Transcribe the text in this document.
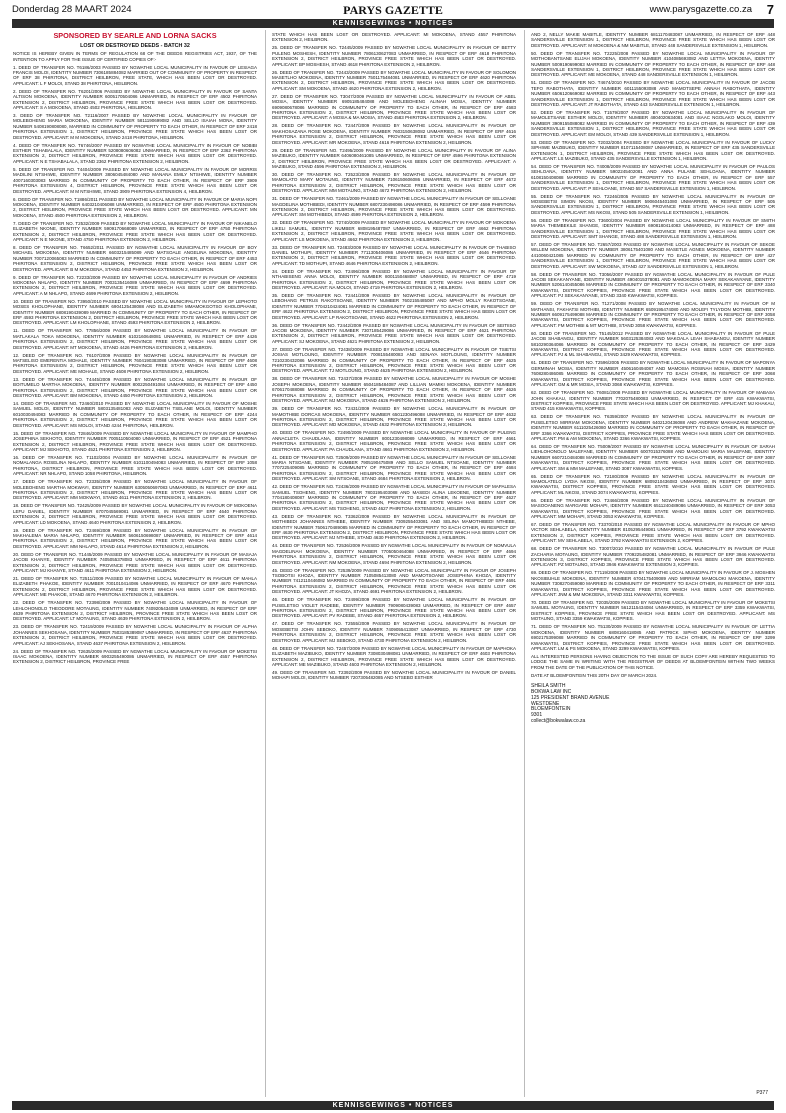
Donderdag 28 MAART 2024	PARYS GAZETTE	www.parysgazette.co.za 7
KENNISGEWINGS • NOTICES

SPONSORED BY SEARLE AND LORNA SACKS

LOST OR DESTROYED DEEDS - BATCH 32

NOTICE IS HEREBY GIVEN IN TERMS OF REGULATION 68 OF THE DEEDS REGISTRIES ACT, 1937, OF THE INTENTION TO APPLY FOR THE ISSUE OF CERTIFIED COPIES OF:-

1. DEED OF TRANSFER NO. T6186/2003 PASSED BY NGWATHE LOCAL MUNICIPALITY IN FAVOUR OF LESIAGA FRANCIS MOLOI, IDENTITY NUMBER 7306185884082 MARRIED OUT OF COMMUNITY OF PROPERTY IN RESPECT OF ERF 38 PHIRITONA, DISTRICT HEILBRON, FREE STATE, WHICH HAS BEEN LOST OR DESTROYED. APPLICANT: L F MOLOI, STAND 38 PHIRITONA, HEILBRON.

2. DEED OF TRANSFER NO. T6201/2006 PASSED BY NGWATHE LOCAL MUNICIPALITY IN FAVOUR OF SANTA ALTISON MOKOENA, IDENTITY NUMBER 6005170504086 UNMARRIED, IN RESPECT OF ERF 4502 PHIRITONA EXTENSION 2, DISTRICT HEILBRON, PROVINCE FREE STATE WHICH HAS BEEN LOST OR DESTROYED. APPLICANT: S A MOKOENA, STAND 4502 PHIRITONA, HEILBRON.

3. DEED OF TRANSFER NO. T2116/2007 PASSED BY NGWATHE LOCAL MUNICIPALITY IN FAVOUR OF MOLEBOHENG MARIA MOKOENA, IDENTITY NUMBER 5811190699082 AND SELLO ISAIAH MONA, IDENTITY NUMBER 5408190808080, MARRIED IN COMMUNITY OF PROPERTY TO EACH OTHER, IN RESPECT OF ERF 2418 PHIRITONA EXTENSION 1, DISTRICT HEILBRON, PROVINCE FREE STATE WHICH HAS BEEN LOST OR DESTROYED. APPLICANT: M M MOKOENA, STAND 2418 PHIRITONA, HEILBRON.

4. DEED OF TRANSFER NO. T6746/2007 PASSED BY NGWATHE LOCAL MUNICIPALITY IN FAVOUR OF NOBIBI ESTHER TSHABALALA, IDENTITY NUMBER 5208080606082 UNMARRIED, IN RESPECT OF ERF 2362 PHIRITONA EXTENSION 2, DISTRICT HEILBRON, PROVINCE FREE STATE WHICH HAS BEEN LOST OR DESTROYED. APPLICANT: N E TSHABALALA, STAND 2362 PHIRITONA EXTENSION 2, HEILBRON.

5. DEED OF TRANSFER NO. T4404/2009 PASSED BY NGWATHE LOCAL MUNICIPALITY IN FAVOUR OF MORRIS MADILINI NTSHIWE, IDENTITY NUMBER 3806045484080 AND MANANA EMILY NTSHIWE, IDENTITY NUMBER 4007160303083 MARRIED IN COMMUNITY OF PROPERTY TO EACH OTHER, IN RESPECT OF ERF 3909 PHIRITONA EXTENSION 4, DISTRICT HEILBRON, PROVINCE FREE STATE WHICH HAS BEEN LOST OR DESTROYED. APPLICANT: M M NTSHIWE, STAND 3909 PHIRITONA EXTENSION 4, HEILBRON.

6. DEED OF TRANSFER NO. T1886/2011 PASSED BY NGWATHE LOCAL MUNICIPALITY IN FAVOUR OF MARIA NOPI MOKOENA, IDENTITY NUMBER 6403210406088 UNMARRIED, IN RESPECT OF ERF 4500 PHIRITONA EXTENSION 2, DISTRICT HEILBRON, PROVINCE FREE STATE WHICH HAS BEEN LOST OR DESTROYED. APPLICANT: MN MOKOENA, STAND 4500 PHIRITONA EXTENSION 2, HEILBRON.

7. DEED OF TRANSFER NO. T2532/2009 PASSED BY NGWATHE LOCAL MUNICIPALITY IN FAVOUR OF NIKANELO ELIZABETH NKONE, IDENTITY NUMBER 5909170668089 UNMARRIED, IN RESPECT OF ERF 4750 PHIRITONA EXTENSION 2, DISTRICT HEILBRON, PROVINCE FREE STATE WHICH HAS BEEN LOST OR DESTROYED. APPLICANT: N E NKONE, STAND 4750 PHIRITONA EXTENSION 2, HEILBRON.

8. DEED OF TRANSFER NO. T6652/2011 PASSED BY NGWATHE LOCAL MUNICIPALITY IN FAVOUR OF BOY MICHAEL MOKOENA, IDENTITY NUMBER 6603215485089 AND MATSOALE ANGELINA MOKOENA, IDENTITY NUMBER 7007120065083 MARRIED IN COMMUNITY OF PROPERTY TO EACH OTHER, IN RESPECT OF ERF 4453 PHIRITONA EXTENSION 2, DISTRICT HEILBRON, PROVINCE FREE STATE WHICH HAS BEEN LOST OR DESTROYED. APPLICANT: B M MOKOENA, STAND 4453 PHIRITONA EXTENSION 2, HEILBRON.

9. DEED OF TRANSFER NO. T2233/2009 PASSED BY NGWATHE LOCAL MUNICIPALITY IN FAVOUR OF ANDRIES MOKOENA NHLAPO, IDENTITY NUMBER 7003135416089 UNMARRIED, IN RESPECT OF ERF 4699 PHIRITONA EXTENSION 2, DISTRICT HEILBRON, PROVINCE FREE STATE WHICH HAS BEEN LOST OR DESTROYED. APPLICANT: A M NHLAPO, STAND 4699 PHIRITONA EXTENSION 2, HEILBRON.

10. DEED OF TRANSFER NO. T3950/2010 PASSED BY NGWATHE LOCAL MUNICIPALITY IN FAVOUR OF LEPHOTO MOSES KHOLOPHANE, IDENTITY NUMBER 6904125438088 AND ELIZABETH MMAMOKGOTSO KHOLOPHANE, IDENTITY NUMBER 6808190439089 MARRIED IN COMMUNITY OF PROPERTY TO EACH OTHER, IN RESPECT OF ERF 4593 PHIRITONA EXTENSION 2, DISTRICT HEILBRON, PROVINCE FREE STATE WHICH HAS BEEN LOST OR DESTROYED. APPLICANT: LM KHOLOPHANE, STAND 4593 PHIRITONA EXTENSION 2, HEILBRON.

11. DEED OF TRANSFER NO. T7856/2009 PASSED BY NGWATHE LOCAL MUNICIPALITY IN FAVOUR OF MATLAKALA TOKA MOKOENA, IDENTITY NUMBER 6102160648081 UNMARRIED, IN RESPECT OF ERF 4426 PHIRITONA EXTENSION 2, DISTRICT HEILBRON, PROVINCE FREE STATE WHICH HAS BEEN LOST OR DESTROYED. APPLICANT: MT MOKOENA, STAND 4426 PHIRITONA EXTENSION 2, HEILBRON.

12. DEED OF TRANSFER NO. T6107/2009 PASSED BY NGWATHE LOCAL MUNICIPALITY IN FAVOUR OF MATSELISO EMERENTIA MOHALE, IDENTITY NUMBER 7604190383088 UNMARRIED, IN RESPECT OF ERF 4608 PHIRITONA EXTENSION 2, DISTRICT HEILBRON, PROVINCE FREE STATE WHICH HAS BEEN LOST OR DESTROYED. APPLICANT: ME MOHALE, STAND 4608 PHIRITONA EXTENSION 2, HEILBRON.

13. DEED OF TRANSFER NO. T4445/2009 PASSED BY NGWATHE LOCAL MUNICIPALITY IN FAVOUR OF BOITUMELO MARTHA MOKOENA, IDENTITY NUMBER 8002250491084 UNMARRIED, IN RESPECT OF ERF 4450 PHIRITONA EXTENSION 2, DISTRICT HEILBRON, PROVINCE FREE STATE WHICH HAS BEEN LOST OR DESTROYED. APPLICANT: BM MOKOENA, STAND 4450 PHIRITONA EXTENSION 2, HEILBRON.

14. DEED OF TRANSFER NO. T2460/2010 PASSED BY NGWATHE LOCAL MUNICIPALITY IN FAVOUR OF MOSHE SAMUEL MOLOI, IDENTITY NUMBER 5803135481083 AND ELIZABETH TSELANE MOLOI, IDENTITY NUMBER 6010030494083 MARRIED IN COMMUNITY OF PROPERTY TO EACH OTHER, IN RESPECT OF ERF 4244 PHIRITONA EXTENSION 2, DISTRICT HEILBRON, PROVINCE FREE STATE WHICH HAS BEEN LOST OR DESTROYED. APPLICANT: MS MOLOI, STAND 4244 PHIRITONA, HEILBRON.

15. DEED OF TRANSFER NO. T2846/2009 PASSED BY NGWATHE LOCAL MUNICIPALITY IN FAVOUR OF MAMPHO JOSEPHINA SEKHOTO, IDENTITY NUMBER 7005110504080 UNMARRIED, IN RESPECT OF ERF 4521 PHIRITONA EXTENSION 2, DISTRICT HEILBRON, PROVINCE FREE STATE WHICH HAS BEEN LOST OR DESTROYED. APPLICANT: MJ SEKHOTO, STAND 4521 PHIRITONA EXTENSION 2, HEILBRON.

16. DEED OF TRANSFER NO. T1102/2004 PASSED BY NGWATHE LOCAL MUNICIPALITY IN FAVOUR OF NOMALANGA ROSELINA NHLAPO, IDENTITY NUMBER 6101100494083 UNMARRIED, IN RESPECT OF ERF 1058 PHIRITONA, DISTRICT HEILBRON, PROVINCE FREE STATE WHICH HAS BEEN LOST OR DESTROYED. APPLICANT: NR NHLAPO, STAND 1058 PHIRITONA, HEILBRON.

17. DEED OF TRANSFER NO. T2335/2009 PASSED BY NGWATHE LOCAL MUNICIPALITY IN FAVOUR OF MOLEBOHENG MARTHA MOKWAYI, IDENTITY NUMBER 6305050697083 UNMARRIED, IN RESPECT OF ERF 4611 PHIRITONA EXTENSION 2, DISTRICT HEILBRON, PROVINCE FREE STATE WHICH HAS BEEN LOST OR DESTROYED. APPLICANT: MM MOKWAYI, STAND 4611 PHIRITONA EXTENSION 2, HEILBRON.

18. DEED OF TRANSFER NO. T2425/2009 PASSED BY NGWATHE LOCAL MUNICIPALITY IN FAVOUR OF MOKOENA LEFU DANIEL, IDENTITY NUMBER 6707045569081 UNMARRIED, IN RESPECT OF ERF 4640 PHIRITONA EXTENSION 2, DISTRICT HEILBRON, PROVINCE FREE STATE WHICH HAS BEEN LOST OR DESTROYED. APPLICANT: LD MOKOENA, STAND 4640 PHIRITONA EXTENSION 2, HEILBRON.

19. DEED OF TRANSFER NO. T2469/2009 PASSED BY NGWATHE LOCAL MUNICIPALITY IN FAVOUR OF MAKHALEMA MARIA NHLAPO, IDENTITY NUMBER 5606150698087 UNMARRIED, IN RESPECT OF ERF 4614 PHIRITONA EXTENSION 2, DISTRICT HEILBRON, PROVINCE FREE STATE WHICH HAS BEEN LOST OR DESTROYED. APPLICANT: MM NHLAPO, STAND 4614 PHIRITONA EXTENSION 2, HEILBRON.

20. DEED OF TRANSFER NO. T1445/2009 PASSED BY NGWATHE LOCAL MUNICIPALITY IN FAVOUR OF MASAJA JACOB KHANYE, IDENTITY NUMBER 7405055378083 UNMARRIED, IN RESPECT OF ERF 4611 PHIRITONA EXTENSION 2, DISTRICT HEILBRON, PROVINCE FREE STATE WHICH HAS BEEN LOST OR DESTROYED. APPLICANT: MJ KHANYE, STAND 4611 PHIRITONA EXTENSION 2, HEILBRON.

21. DEED OF TRANSFER NO. T2511/2009 PASSED BY NGWATHE LOCAL MUNICIPALITY IN FAVOUR OF MAHLA ELIZABETH PHAKOE, IDENTITY NUMBER 7001010414086 UNMARRIED, IN RESPECT OF ERF 4670 PHIRITONA EXTENSION 2, DISTRICT HEILBRON, PROVINCE FREE STATE WHICH HAS BEEN LOST OR DESTROYED. APPLICANT: ME PHAKOE, STAND 4670 PHIRITONA EXTENSION 2, HEILBRON.

22. DEED OF TRANSFER NO. T2398/2009 PASSED BY NGWATHE LOCAL MUNICIPALITY IN FAVOUR OF LEHLOHONOLO THEODORE MOTAUNG, IDENTITY NUMBER 7409205434089 UNMARRIED, IN RESPECT OF ERF 4639 PHIRITONA EXTENSION 2, DISTRICT HEILBRON, PROVINCE FREE STATE WHICH HAS BEEN LOST OR DESTROYED. APPLICANT: LT MOTAUNG, STAND 4639 PHIRITONA EXTENSION 2, HEILBRON.

23. DEED OF TRANSFER NO. T2419/2009 PASSED BY NGWATHE LOCAL MUNICIPALITY IN FAVOUR OF ALPHA JOHANNES SEKHOSANA, IDENTITY NUMBER 7503185389087 UNMARRIED, IN RESPECT OF ERF 4637 PHIRITONA EXTENSION 2, DISTRICT HEILBRON, PROVINCE FREE STATE WHICH HAS BEEN LOST OR DESTROYED. APPLICANT: AJ SEKHOSANA, STAND 4637 PHIRITONA EXTENSION 2, HEILBRON.

24. DEED OF TRANSFER NO. T2635/2009 PASSED BY NGWATHE LOCAL MUNICIPALITY IN FAVOUR OF MOKETSI ISAAC MOKOENA, IDENTITY NUMBER 6903255490086 UNMARRIED, IN RESPECT OF ERF 4557 PHIRITONA EXTENSION 2, DISTRICT HEILBRON, PROVINCE FREE

STATE WHICH HAS BEEN LOST OR DESTROYED. APPLICANT: MI MOKOENA, STAND 4557 PHIRITONA EXTENSION 2, HEILBRON.

25. DEED OF TRANSFER NO. T2445/2009 PASSED BY NGWATHE LOCAL MUNICIPALITY IN FAVOUR OF BETTY PULENG MOSHESH, IDENTITY NUMBER 7806130627083 UNMARRIED, IN RESPECT OF ERF 4618 PHIRITONA EXTENSION 2, DISTRICT HEILBRON, PROVINCE FREE STATE WHICH HAS BEEN LOST OR DESTROYED. APPLICANT: BP MOSHESH, STAND 4618 PHIRITONA EXTENSION 2, HEILBRON.

26. DEED OF TRANSFER NO. T2443/2009 PASSED BY NGWATHE LOCAL MUNICIPALITY IN FAVOUR OF SOLOMON MASETLHO MOKOENA, IDENTITY NUMBER 7501175484081 UNMARRIED, IN RESPECT OF ERF 4620 PHIRITONA EXTENSION 2, DISTRICT HEILBRON, PROVINCE FREE STATE WHICH HAS BEEN LOST OR DESTROYED. APPLICANT: SM MOKOENA, STAND 4620 PHIRITONA EXTENSION 2, HEILBRON.

27. DEED OF TRANSFER NO. T3047/2009 PASSED BY NGWATHE LOCAL MUNICIPALITY IN FAVOUR OF ABEL MOSIA, IDENTITY NUMBER 6905185484088 AND MOLEBOHENG ALINAH MOSIA, IDENTITY NUMBER 6909080678086 MARRIED IN COMMUNITY OF PROPERTY TO EACH OTHER, IN RESPECT OF ERF 4583 PHIRITONA EXTENSION 2, DISTRICT HEILBRON, PROVINCE FREE STATE WHICH HAS BEEN LOST OR DESTROYED. APPLICANT: A MOSIA & MA MOSIA, STAND 4583 PHIRITONA EXTENSION 2, HEILBRON.

28. DEED OF TRANSFER NO. T2447/2009 PASSED BY NGWATHE LOCAL MUNICIPALITY IN FAVOUR OF MAKHOSAZANA ROSE MOKOENA, IDENTITY NUMBER 7603150638082 UNMARRIED, IN RESPECT OF ERF 4616 PHIRITONA EXTENSION 2, DISTRICT HEILBRON, PROVINCE FREE STATE WHICH HAS BEEN LOST OR DESTROYED. APPLICANT: MR MOKOENA, STAND 4616 PHIRITONA EXTENSION 2, HEILBRON.

29. DEED OF TRANSFER NO. T2495/2009 PASSED BY NGWATHE LOCAL MUNICIPALITY IN FAVOUR OF ALINA MAZIBUKO, IDENTITY NUMBER 6406080461085 UNMARRIED, IN RESPECT OF ERF 4596 PHIRITONA EXTENSION 2, DISTRICT HEILBRON, PROVINCE FREE STATE WHICH HAS BEEN LOST OR DESTROYED. APPLICANT: A MAZIBUKO, STAND 4596 PHIRITONA EXTENSION 2, HEILBRON.

30. DEED OF TRANSFER NO. T2523/2009 PASSED BY NGWATHE LOCAL MUNICIPALITY IN FAVOUR OF MAMOLATO MARY MOTAUNG, IDENTITY NUMBER 7106150606086 UNMARRIED, IN RESPECT OF ERF 4672 PHIRITONA EXTENSION 2, DISTRICT HEILBRON, PROVINCE FREE STATE WHICH HAS BEEN LOST OR DESTROYED. APPLICANT: MM MOTAUNG, STAND 4672 PHIRITONA EXTENSION 2, HEILBRON.

31. DEED OF TRANSFER NO. T2461/2009 PASSED BY NGWATHE LOCAL MUNICIPALITY IN FAVOUR OF SELLOANE MAGDELINA MOTHIBEDI, IDENTITY NUMBER 6807230498086 UNMARRIED, IN RESPECT OF ERF 4599 PHIRITONA EXTENSION 2, DISTRICT HEILBRON, PROVINCE FREE STATE WHICH HAS BEEN LOST OR DESTROYED. APPLICANT: SM MOTHIBEDI, STAND 4599 PHIRITONA EXTENSION 2, HEILBRON.

32. DEED OF TRANSFER NO. T2740/2009 PASSED BY NGWATHE LOCAL MUNICIPALITY IN FAVOUR OF MOKOENA LIKELI SAMUEL, IDENTITY NUMBER 6808195487087 UNMARRIED, IN RESPECT OF ERF 4662 PHIRITONA EXTENSION 2, DISTRICT HEILBRON, PROVINCE FREE STATE WHICH HAS BEEN LOST OR DESTROYED. APPLICANT: LS MOKOENA, STAND 4662 PHIRITONA EXTENSION 2, HEILBRON.

33. DEED OF TRANSFER NO. T2483/2009 PASSED BY NGWATHE LOCAL MUNICIPALITY IN FAVOUR OF THABISO DANIEL MOTHUPI, IDENTITY NUMBER 7711305406086 UNMARRIED, IN RESPECT OF ERF 4646 PHIRITONA EXTENSION 2, DISTRICT HEILBRON, PROVINCE FREE STATE WHICH HAS BEEN LOST OR DESTROYED. APPLICANT: TD MOTHUPI, STAND 4646 PHIRITONA EXTENSION 2, HEILBRON.

34. DEED OF TRANSFER NO. T2496/2009 PASSED BY NGWATHE LOCAL MUNICIPALITY IN FAVOUR OF NTHABISENG ANNA MOLOI, IDENTITY NUMBER 8001150468087 UNMARRIED, IN RESPECT OF ERF 4719 PHIRITONA EXTENSION 2, DISTRICT HEILBRON, PROVINCE FREE STATE WHICH HAS BEEN LOST OR DESTROYED. APPLICANT: NA MOLOI, STAND 4719 PHIRITONA EXTENSION 2, HEILBRON.

35. DEED OF TRANSFER NO. T2441/2009 PASSED BY NGWATHE LOCAL MUNICIPALITY IN FAVOUR OF LEBOHANG PETRUS RAKOTSOANE, IDENTITY NUMBER 7602155485087 AND MPHO MOLLY RAKOTSOANE, IDENTITY NUMBER 7704210424081 MARRIED IN COMMUNITY OF PROPERTY TO EACH OTHER, IN RESPECT OF ERF 4622 PHIRITONA EXTENSION 2, DISTRICT HEILBRON, PROVINCE FREE STATE WHICH HAS BEEN LOST OR DESTROYED. APPLICANT: LP RAKOTSOANE, STAND 4622 PHIRITONA EXTENSION 2, HEILBRON.

36. DEED OF TRANSFER NO. T2442/2009 PASSED BY NGWATHE LOCAL MUNICIPALITY IN FAVOUR OF SEITIISO JACOB MOKOENA, IDENTITY NUMBER 7307185429086 UNMARRIED, IN RESPECT OF ERF 4621 PHIRITONA EXTENSION 2, DISTRICT HEILBRON, PROVINCE FREE STATE WHICH HAS BEEN LOST OR DESTROYED. APPLICANT: SJ MOKOENA, STAND 4621 PHIRITONA EXTENSION 2, HEILBRON.

37. DEED OF TRANSFER NO. T2438/2009 PASSED BY NGWATHE LOCAL MUNICIPALITY IN FAVOUR OF TSIETSI JOSIAS MOTLOUNG, IDENTITY NUMBER 7008155480083 AND SENAYA MOTLOUNG, IDENTITY NUMBER 7210230432086 MARRIED IN COMMUNITY OF PROPERTY TO EACH OTHER, IN RESPECT OF ERF 4625 PHIRITONA EXTENSION 2, DISTRICT HEILBRON, PROVINCE FREE STATE WHICH HAS BEEN LOST OR DESTROYED. APPLICANT: TJ MOTLOUNG, STAND 4625 PHIRITONA EXTENSION 2, HEILBRON.

38. DEED OF TRANSFER NO. T2437/2009 PASSED BY NGWATHE LOCAL MUNICIPALITY IN FAVOUR OF MOSHE JOSEPH MOKOENA, IDENTITY NUMBER 6504185484087 AND LILLIAN MAMIKI MOKOENA, IDENTITY NUMBER 6706170488088 MARRIED IN COMMUNITY OF PROPERTY TO EACH OTHER, IN RESPECT OF ERF 4626 PHIRITONA EXTENSION 2, DISTRICT HEILBRON, PROVINCE FREE STATE WHICH HAS BEEN LOST OR DESTROYED. APPLICANT: MJ MOKOENA, STAND 4626 PHIRITONA EXTENSION 2, HEILBRON.

39. DEED OF TRANSFER NO. T2431/2009 PASSED BY NGWATHE LOCAL MUNICIPALITY IN FAVOUR OF MAMOTHIBE DORCAS MOKOENA, IDENTITY NUMBER 6501230496088 UNMARRIED, IN RESPECT OF ERF 4632 PHIRITONA EXTENSION 2, DISTRICT HEILBRON, PROVINCE FREE STATE WHICH HAS BEEN LOST OR DESTROYED. APPLICANT: MD MOKOENA, STAND 4632 PHIRITONA EXTENSION 2, HEILBRON.

40. DEED OF TRANSFER NO. T2490/2009 PASSED BY NGWATHE LOCAL MUNICIPALITY IN FAVOUR OF PULENG ANNACLETA CHAUDLANA, IDENTITY NUMBER 8001230498089 UNMARRIED, IN RESPECT OF ERF 4661 PHIRITONA EXTENSION 2, DISTRICT HEILBRON, PROVINCE FREE STATE WHICH HAS BEEN LOST OR DESTROYED. APPLICANT: PA CHAUDLANA, STAND 4661 PHIRITONA EXTENSION 2, HEILBRON.

41. DEED OF TRANSFER NO. T2509/2009 PASSED BY NGWATHE LOCAL MUNICIPALITY IN FAVOUR OF SELLOANE MARIA NTSOANE, IDENTITY NUMBER 7905190475089 AND SELLO SAMUEL NTSOANE, IDENTITY NUMBER 7707225409085 MARRIED IN COMMUNITY OF PROPERTY TO EACH OTHER, IN RESPECT OF ERF 4684 PHIRITONA EXTENSION 2, DISTRICT HEILBRON, PROVINCE FREE STATE WHICH HAS BEEN LOST OR DESTROYED. APPLICANT: SM NTSOANE, STAND 4684 PHIRITONA EXTENSION 2, HEILBRON.

42. DEED OF TRANSFER NO. T2436/2009 PASSED BY NGWATHE LOCAL MUNICIPALITY IN FAVOUR OF MAPALESA SAMUEL TSOHENG, IDENTITY NUMBER 7803195403088 AND MASEDI ALINA LEKOENE, IDENTITY NUMBER 7704180408087 MARRIED IN COMMUNITY OF PROPERTY TO EACH OTHER, IN RESPECT OF ERF 4627 PHIRITONA EXTENSION 2, DISTRICT HEILBRON, PROVINCE FREE STATE WHICH HAS BEEN LOST OR DESTROYED. APPLICANT: MS TSOHENG, STAND 4627 PHIRITONA EXTENSION 2, HEILBRON.

43. DEED OF TRANSFER NO. T3362/2009 PASSED BY NGWATHE LOCAL MUNICIPALITY IN FAVOUR OF MOTHIBEDI JOHANNES NTHEBE, IDENTITY NUMBER 7309255403081 AND SELINA MAMOTHIBEDI NTHEBE, IDENTITY NUMBER 7506170489085 MARRIED IN COMMUNITY OF PROPERTY TO EACH OTHER, IN RESPECT OF ERF 4630 PHIRITONA EXTENSION 2, DISTRICT HEILBRON, PROVINCE FREE STATE WHICH HAS BEEN LOST OR DESTROYED. APPLICANT: MJ NTHEBE, STAND 4630 PHIRITONA EXTENSION 2, HEILBRON.

44. DEED OF TRANSFER NO. T2536/2009 PASSED BY NGWATHE LOCAL MUNICIPALITY IN FAVOUR OF NOMVULA MAGDELINAH MOKOENA, IDENTITY NUMBER 7705050464088 UNMARRIED, IN RESPECT OF ERF 4694 PHIRITONA EXTENSION 2, DISTRICT HEILBRON, PROVINCE FREE STATE WHICH HAS BEEN LOST OR DESTROYED. APPLICANT: NM MOKOENA, STAND 4694 PHIRITONA EXTENSION 2, HEILBRON.

45. DEED OF TRANSFER NO. T2539/2009 PASSED BY NGWATHE LOCAL MUNICIPALITY IN FAVOUR OF JOSEPH TSOBOTSI KHOZA, IDENTITY NUMBER 7105085413080 AND MAMOTSOANE JOSEPHINA KHOZA, IDENTITY NUMBER 7412110446082 MARRIED IN COMMUNITY OF PROPERTY TO EACH OTHER, IN RESPECT OF ERF 4691 PHIRITONA EXTENSION 2, DISTRICT HEILBRON, PROVINCE FREE STATE WHICH HAS BEEN LOST OR DESTROYED. APPLICANT: JT KHOZA, STAND 4691 PHIRITONA EXTENSION 2, HEILBRON.

46. DEED OF TRANSFER NO. T2499/2009 PASSED BY NGWATHE LOCAL MUNICIPALITY IN FAVOUR OF PUSELETSO VIOLET RADEBE, IDENTITY NUMBER 7909080439083 UNMARRIED, IN RESPECT OF ERF 4657 PHIRITONA EXTENSION 2, DISTRICT HEILBRON, PROVINCE FREE STATE WHICH HAS BEEN LOST OR DESTROYED. APPLICANT: PV RADEBE, STAND 4657 PHIRITONA EXTENSION 2, HEILBRON.

47. DEED OF TRANSFER NO. T2555/2009 PASSED BY NGWATHE LOCAL MUNICIPALITY IN FAVOUR OF MOSEBETSI JOHN SEBOKO, IDENTITY NUMBER 7409055413087 UNMARRIED, IN RESPECT OF ERF 4730 PHIRITONA EXTENSION 2, DISTRICT HEILBRON, PROVINCE FREE STATE WHICH HAS BEEN LOST OR DESTROYED. APPLICANT: MJ SEBOKO, STAND 4730 PHIRITONA EXTENSION 2, HEILBRON.

48. DEED OF TRANSFER NO. T2457/2009 PASSED BY NGWATHE LOCAL MUNICIPALITY IN FAVOUR OF MAPHOKA ELIZABETH MAZIBUKO, IDENTITY NUMBER 7308030498081 UNMARRIED, IN RESPECT OF ERF 4603 PHIRITONA EXTENSION 2, DISTRICT HEILBRON, PROVINCE FREE STATE WHICH HAS BEEN LOST OR DESTROYED. APPLICANT: ME MAZIBUKO, STAND 4603 PHIRITONA EXTENSION 2, HEILBRON.

49. DEED OF TRANSFER NO. T2392/2009 PASSED BY NGWATHE LOCAL MUNICIPALITY IN FAVOUR OF DANIEL MOHAPI MOLOI, IDENTITY NUMBER 7207305482085 AND NTSEBO ESTHER

AND 2, NELLY MAKIE MABITLE, IDENTITY NUMBER 6811170483087 UNMARRIED, IN RESPECT OF ERF 448 SANDERSVILLE EXTENSION 1, DISTRICT HEILBRON, PROVINCE FREE STATE WHICH HAS BEEN LOST OR DESTROYED. APPLICANT: M MOKOENA & NM MABITLE, STAND 448 SANDERSVILLE EXTENSION 1, HEILBRON.

50. DEED OF TRANSFER NO. T2225/2008 PASSED BY NGWATHE LOCAL MUNICIPALITY IN FAVOUR OF MOTHOBANTSANE ELIJAH MOKOENA, IDENTITY NUMBER 4104085693082 AND LETTIA MOKOENA, IDENTITY NUMBER 5009190699083 MARRIED IN COMMUNITY OF PROPERTY TO EACH OTHER, IN RESPECT OF ERF 448 SANDERSVILLE EXTENSION 1, DISTRICT HEILBRON, PROVINCE FREE STATE WHICH HAS BEEN LOST OR DESTROYED. APPLICANT: ME MOKOENA, STAND 448 SANDERSVILLE EXTENSION 1, HEILBRON.

51. DEED OF TRANSFER NO. T4674/2010 PASSED BY NGWATHE LOCAL MUNICIPALITY IN FAVOUR OF JACOB TEFO RABOTHATA, IDENTITY NUMBER 6011155093088 AND MAMOTSEPE ANNAH RABOTHATA, IDENTITY NUMBER 6506120669082 MARRIED IN COMMUNITY OF PROPERTY TO EACH OTHER, IN RESPECT OF ERF 443 SANDERSVILLE EXTENSION 1, DISTRICT HEILBRON, PROVINCE FREE STATE WHICH HAS BEEN LOST OR DESTROYED. APPLICANT: JT RABOTHATA, STAND 443 SANDERSVILLE EXTENSION 1, HEILBRON.

52. DEED OF TRANSFER NO. T1579/2007 PASSED BY NGWATHE LOCAL MUNICIPALITY IN FAVOUR OF MAMOLETSANE ESTHER MOLOI, IDENTITY NUMBER 4804020634081 AND ISAAC NGOLAKO MOLOI, IDENTITY NUMBER 3909155088082 MARRIED IN COMMUNITY OF PROPERTY TO EACH OTHER, IN RESPECT OF ERF 439 SANDERSVILLE EXTENSION 1, DISTRICT HEILBRON, PROVINCE FREE STATE WHICH HAS BEEN LOST OR DESTROYED. APPLICANT: EM MOLOI, STAND 439 SANDERSVILLE EXTENSION 1, HEILBRON.

53. DEED OF TRANSFER NO. T2032/2004 PASSED BY NGWATHE LOCAL MUNICIPALITY IN FAVOUR OF LUCKY SIPHIWE MAZIBUKO, IDENTITY NUMBER 8107115408087 UNMARRIED, IN RESPECT OF ERF 435 SANDERSVILLE EXTENSION 1, DISTRICT HEILBRON, PROVINCE FREE STATE WHICH HAS BEEN LOST OR DESTROYED. APPLICANT: LS MAZIBUKO, STAND 435 SANDERSVILLE EXTENSION 1, HEILBRON.

54. DEED OF TRANSFER NO. T4008/2009 PASSED BY NGWATHE LOCAL MUNICIPALITY IN FAVOUR OF PAULOS SEHLOANA, IDENTITY NUMBER 5902245402081 AND ANNA PULANE SEHLOANA, IDENTITY NUMBER 6108150408088 MARRIED IN COMMUNITY OF PROPERTY TO EACH OTHER, IN RESPECT OF ERF 557 SANDERSVILLE EXTENSION 1, DISTRICT HEILBRON, PROVINCE FREE STATE WHICH HAS BEEN LOST OR DESTROYED. APPLICANT: P SEHLOANE, STAND 557 SANDERSVILLE EXTENSION 1, HEILBRON.

55. DEED OF TRANSFER NO. T2246/2005 PASSED BY NGWATHE LOCAL MUNICIPALITY IN FAVOUR OF MOSEBETSI SIMON NKOSI, IDENTITY NUMBER 5906045401080 UNMARRIED, IN RESPECT OF ERF 505 SANDERSVILLE EXTENSION 1, DISTRICT HEILBRON, PROVINCE FREE STATE WHICH HAS BEEN LOST OR DESTROYED. APPLICANT: MS NKOSI, STAND 505 SANDERSVILLE EXTENSION 1, HEILBRON.

56. DEED OF TRANSFER NO. T3600/2004 PASSED BY NGWATHE LOCAL MUNICIPALITY IN FAVOUR OF SMITH MARIA THEMBEKILE SHANGE, IDENTITY NUMBER 6908180414083 UNMARRIED, IN RESPECT OF ERF 488 SANDERSVILLE EXTENSION 1, DISTRICT HEILBRON, PROVINCE FREE STATE WHICH HAS BEEN LOST OR DESTROYED. APPLICANT: SMT SHANGE, STAND 488 SANDERSVILLE EXTENSION 1, HEILBRON.

57. DEED OF TRANSFER NO. T2657/2003 PASSED BY NGWATHE LOCAL MUNICIPALITY IN FAVOUR OF SEKOE WILLEM MOKOENA, IDENTITY NUMBER 3806175401080 AND MASETLE AGNES MOKOENA, IDENTITY NUMBER 4410060421085 MARRIED IN COMMUNITY OF PROPERTY TO EACH OTHER, IN RESPECT OF ERF 427 SANDERSVILLE EXTENSION 1, DISTRICT HEILBRON, PROVINCE FREE STATE WHICH HAS BEEN LOST OR DESTROYED. APPLICANT: SW MOKOENA, STAND 427 SANDERSVILLE EXTENSION 1, HEILBRON.

58. DEED OF TRANSFER NO. T3056/2007 PASSED BY NGWATHE LOCAL MUNICIPALITY IN FAVOUR OF PULE JACOB SEKAKANYANE, IDENTITY NUMBER 4904015378081 AND MAMOKOENA MARY SEKAKANYANE, IDENTITY NUMBER 5206140455086 MARRIED IN COMMUNITY OF PROPERTY TO EACH OTHER, IN RESPECT OF ERF 3340 KWAKWATSI, DISTRICT KOPPIES, PROVINCE FREE STATE WHICH HAS BEEN LOST OR DESTROYED. APPLICANT: PJ SEKAKANYANE, STAND 3340 KWAKWATSI, KOPPIES.

59. DEED OF TRANSFER NO. T1271/2008 PASSED BY NGWATHE LOCAL MUNICIPALITY IN FAVOUR OF M MATHANSI, FAKHATSI MOTHIBI, IDENTITY NUMBER 6509195474080 AND MOLEFI TYLYDON MOTHIBI, IDENTITY NUMBER 6609175499088 MARRIED IN COMMUNITY OF PROPERTY TO EACH OTHER, IN RESPECT OF ERF 3058 KWAKWATSI, DISTRICT KOPPIES, PROVINCE FREE STATE WHICH HAS BEEN LOST OR DESTROYED. APPLICANT: FM MOTHIBI & MT MOTHIBI, STAND 3058 KWAKWATSI, KOPPIES.

60. DEED OF TRANSFER NO. T5145/2012 PASSED BY NGWATHE LOCAL MUNICIPALITY IN FAVOUR OF PULE JACOB SHABANGU, IDENTITY NUMBER 5603125384083 AND MAKOALA LEAH SHABANGU, IDENTITY NUMBER 5810290364086 MARRIED IN COMMUNITY OF PROPERTY TO EACH OTHER, IN RESPECT OF ERF 3429 KWAKWATSI, DISTRICT KOPPIES, PROVINCE FREE STATE WHICH HAS BEEN LOST OR DESTROYED. APPLICANT: PJ & ML SHABANGU, STAND 3429 KWAKWATSI, KOPPIES.

61. DEED OF TRANSFER NO. T2596/2005 PASSED BY NGWATHE LOCAL MUNICIPALITY IN FAVOUR OF MAPONYA GERMINAH MOSIA, IDENTITY NUMBER 4506160494087 AND MAMOSIA ROSINAH MOSIA, IDENTITY NUMBER 7608280486085 MARRIED IN COMMUNITY OF PROPERTY TO EACH OTHER, IN RESPECT OF ERF 3068 KWAKWATSI, DISTRICT KOPPIES, PROVINCE FREE STATE WHICH HAS BEEN LOST OR DESTROYED. APPLICANT: GM & MR MOSIA, STAND 3068 KWAKWATSI, KOPPIES.

62. DEED OF TRANSFER NO. T6081/2008 PASSED BY NGWATHE LOCAL MUNICIPALITY IN FAVOUR OF MABASA JOHN KHAKAU, IDENTITY NUMBER 7702075480083 UNMARRIED, IN RESPECT OF ERF 415 KWAKWATSI, DISTRICT KOPPIES, PROVINCE FREE STATE WHICH HAS BEEN LOST OR DESTROYED. APPLICANT: MJ KHAKAU, STAND 415 KWAKWATSI, KOPPIES.

63. DEED OF TRANSFER NO. T6359/2007 PASSED BY NGWATHE LOCAL MUNICIPALITY IN FAVOUR OF PUSELETSO MIRRIAM MOKOENA, IDENTITY NUMBER 6402120436088 AND ANDREW MAKHAZANE MOKOENA, IDENTITY NUMBER 6111025426080 MARRIED IN COMMUNITY OF PROPERTY TO EACH OTHER, IN RESPECT OF ERF 3366 KWAKWATSI, DISTRICT KOPPIES, PROVINCE FREE STATE WHICH HAS BEEN LOST OR DESTROYED. APPLICANT: PM & AM MOKOENA, STAND 3366 KWAKWATSI, KOPPIES.

64. DEED OF TRANSFER NO. T5009/2007 PASSED BY NGWATHE LOCAL MUNICIPALITY IN FAVOUR OF SARAH LIEHLOHONOLO MALEFANE, IDENTITY NUMBER 6007015376088 AND MAMOLIKI MARIA MALEFANE, IDENTITY NUMBER 6607210484088 MARRIED IN COMMUNITY OF PROPERTY TO EACH OTHER, IN RESPECT OF ERF 3087 KWAKWATSI, DISTRICT KOPPIES, PROVINCE FREE STATE WHICH HAS BEEN LOST OR DESTROYED. APPLICANT: SM & MM MALEFANE, STAND 3087 KWAKWATSI, KOPPIES.

65. DEED OF TRANSFER NO. T2180/2009 PASSED BY NGWATHE LOCAL MUNICIPALITY IN FAVOUR OF MAMOLATELO LYDIA NKOSI, IDENTITY NUMBER 6809210436083 UNMARRIED, IN RESPECT OF ERF 3074 KWAKWATSI, DISTRICT KOPPIES, PROVINCE FREE STATE WHICH HAS BEEN LOST OR DESTROYED. APPLICANT: ML NKOSI, STAND 3074 KWAKWATSI, KOPPIES.

66. DEED OF TRANSFER NO. T2466/2009 PASSED BY NGWATHE LOCAL MUNICIPALITY IN FAVOUR OF MASOOANENG MARGARE MOHAPI, IDENTITY NUMBER 6511240489086 UNMARRIED, IN RESPECT OF ERF 3053 KWAKWATSI, DISTRICT KOPPIES, PROVINCE FREE STATE WHICH HAS BEEN LOST OR DESTROYED. APPLICANT: MM MOHAPI, STAND 3053 KWAKWATSI, KOPPIES.

67. DEED OF TRANSFER NO. T3370/2010 PASSED BY NGWATHE LOCAL MUNICIPALITY IN FAVOUR OF MPHO VICTOR SEHLABELA, IDENTITY NUMBER 8105295449081 UNMARRIED, IN RESPECT OF ERF 3792 KWAKWATSI EXTENSION 2, DISTRICT KOPPIES, PROVINCE FREE STATE WHICH HAS BEEN LOST OR DESTROYED. APPLICANT: MV SEHLABELA, STAND 3792 KWAKWATSI EXTENSION 2, KOPPIES.

68. DEED OF TRANSFER NO. T3007/2010 PASSED BY NGWATHE LOCAL MUNICIPALITY IN FAVOUR OF PULE ZACHARIA MOTAUNG, IDENTITY NUMBER 7709225482081 UNMARRIED, IN RESPECT OF ERF 3946 KWAKWATSI EXTENSION 3, DISTRICT KOPPIES, PROVINCE FREE STATE WHICH HAS BEEN LOST OR DESTROYED. APPLICANT: PZ MOTAUNG, STAND 3946 KWAKWATSI EXTENSION 3, KOPPIES.

69. DEED OF TRANSFER NO. T7119/2008 PASSED BY NGWATHE LOCAL MUNICIPALITY IN FAVOUR OF J. MOSHEN NKOSIBUHLE MOKOENA, IDENTITY NUMBER 6704175409089 AND MIRRIAM MAMOLOKI MAKOENA, IDENTITY NUMBER 7308270459080 MARRIED IN COMMUNITY OF PROPERTY TO EACH OTHER, IN RESPECT OF ERF 3311 KWAKWATSI, DISTRICT KOPPIES, PROVINCE FREE STATE WHICH HAS BEEN LOST OR DESTROYED. APPLICANT: JNM & MM MOKOENA, STAND 3311 KWAKWATSI, KOPPIES.

70. DEED OF TRANSFER NO. T2035/2009 PASSED BY NGWATHE LOCAL MUNICIPALITY IN FAVOUR OF MOKETSI SAMUEL MOTAUNG, IDENTITY NUMBER 5612115434084 UNMARRIED, IN RESPECT OF ERF 3359 KWAKWATSI, DISTRICT KOPPIES, PROVINCE FREE STATE WHICH HAS BEEN LOST OR DESTROYED. APPLICANT: MS MOTAUNG, STAND 3359 KWAKWATSI, KOPPIES.

71. DEED OF TRANSFER NO. T5130/2009 PASSED BY NGWATHE LOCAL MUNICIPALITY IN FAVOUR OF LETTIA MOKOENA, IDENTITY NUMBER 6808160418085 AND PATRICK SIPHO MOKOENA, IDENTITY NUMBER 6902175399088 MARRIED IN COMMUNITY OF PROPERTY TO EACH OTHER, IN RESPECT OF ERF 3299 KWAKWATSI, DISTRICT KOPPIES, PROVINCE FREE STATE WHICH HAS BEEN LOST OR DESTROYED. APPLICANT: LM & PS MOKOENA, STAND 3299 KWAKWATSI, KOPPIES.

ALL INTERESTED PERSONS HAVING OBJECTION TO THE ISSUE OF SUCH COPY ARE HEREBY REQUESTED TO LODGE THE SAME IN WRITING WITH THE REGISTRAR OF DEEDS AT BLOEMFONTEIN WITHIN TWO WEEKS FROM THE DATE OF THE PUBLICATION OF THIS NOTICE.

DATE AT BLOEMFONTEIN THIS 20TH DAY OF MARCH 2024.

SHEILA SMITH
BOKWA LAW INC
125 PRESIDENT BRAND AVENUE
WESTDENE
BLOEMFONTEIN
9301
collect@bokwalaw.co.za
P377
KENNISGEWINGS • NOTICES
